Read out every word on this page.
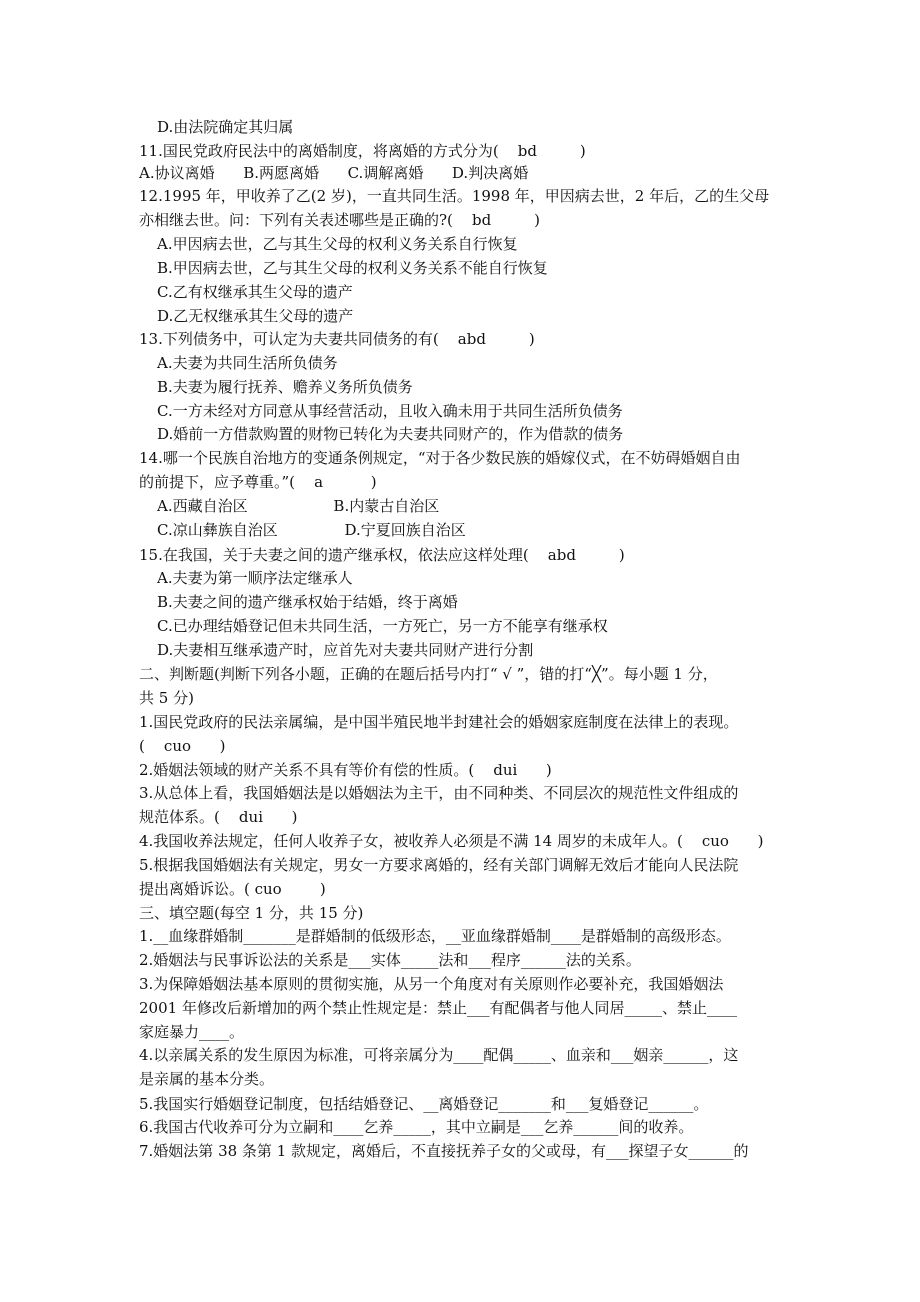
D.由法院确定其归属
11.国民党政府民法中的离婚制度，将离婚的方式分为(    bd         )
A.协议离婚      B.两愿离婚      C.调解离婚      D.判决离婚
12.1995 年，甲收养了乙(2 岁)，一直共同生活。1998 年，甲因病去世，2 年后，乙的生父母
亦相继去世。问：下列有关表述哪些是正确的?(    bd         )
A.甲因病去世，乙与其生父母的权利义务关系自行恢复
B.甲因病去世，乙与其生父母的权利义务关系不能自行恢复
C.乙有权继承其生父母的遗产
D.乙无权继承其生父母的遗产
13.下列债务中，可认定为夫妻共同债务的有(    abd         )
A.夫妻为共同生活所负债务
B.夫妻为履行抚养、赡养义务所负债务
C.一方未经对方同意从事经营活动，且收入确未用于共同生活所负债务
D.婚前一方借款购置的财物已转化为夫妻共同财产的，作为借款的债务
14.哪一个民族自治地方的变通条例规定，“对于各少数民族的婚嫁仪式，在不妨碍婚姻自由
的前提下，应予尊重。”(    a          )
A.西藏自治区                  B.内蒙古自治区
C.凉山彝族自治区              D.宁夏回族自治区
15.在我国，关于夫妻之间的遗产继承权，依法应这样处理(    abd         )
A.夫妻为第一顺序法定继承人
B.夫妻之间的遗产继承权始于结婚，终于离婚
C.已办理结婚登记但未共同生活，一方死亡，另一方不能享有继承权
D.夫妻相互继承遗产时，应首先对夫妻共同财产进行分割
二、判断题(判断下列各小题，正确的在题后括号内打“ √ ”，错的打“╳”。每小题 1 分，
共 5 分)
1.国民党政府的民法亲属编，是中国半殖民地半封建社会的婚姻家庭制度在法律上的表现。
(    cuo      )
2.婚姻法领域的财产关系不具有等价有偿的性质。(    dui      )
3.从总体上看，我国婚姻法是以婚姻法为主干，由不同种类、不同层次的规范性文件组成的
规范体系。(    dui      )
4.我国收养法规定，任何人收养子女，被收养人必须是不满 14 周岁的未成年人。(    cuo      )
5.根据我国婚姻法有关规定，男女一方要求离婚的，经有关部门调解无效后才能向人民法院
提出离婚诉讼。( cuo        )
三、填空题(每空 1 分，共 15 分)
1.__血缘群婚制_______是群婚制的低级形态，__亚血缘群婚制____是群婚制的高级形态。
2.婚姻法与民事诉讼法的关系是___实体_____法和___程序______法的关系。
3.为保障婚姻法基本原则的贯彻实施，从另一个角度对有关原则作必要补充，我国婚姻法
2001 年修改后新增加的两个禁止性规定是：禁止___有配偶者与他人同居_____、禁止____
家庭暴力____。
4.以亲属关系的发生原因为标准，可将亲属分为____配偶_____、血亲和___姻亲______，这
是亲属的基本分类。
5.我国实行婚姻登记制度，包括结婚登记、__离婚登记_______和___复婚登记______。
6.我国古代收养可分为立嗣和____乞养_____，其中立嗣是___乞养______间的收养。
7.婚姻法第 38 条第 1 款规定，离婚后，不直接抚养子女的父或母，有___探望子女______的
